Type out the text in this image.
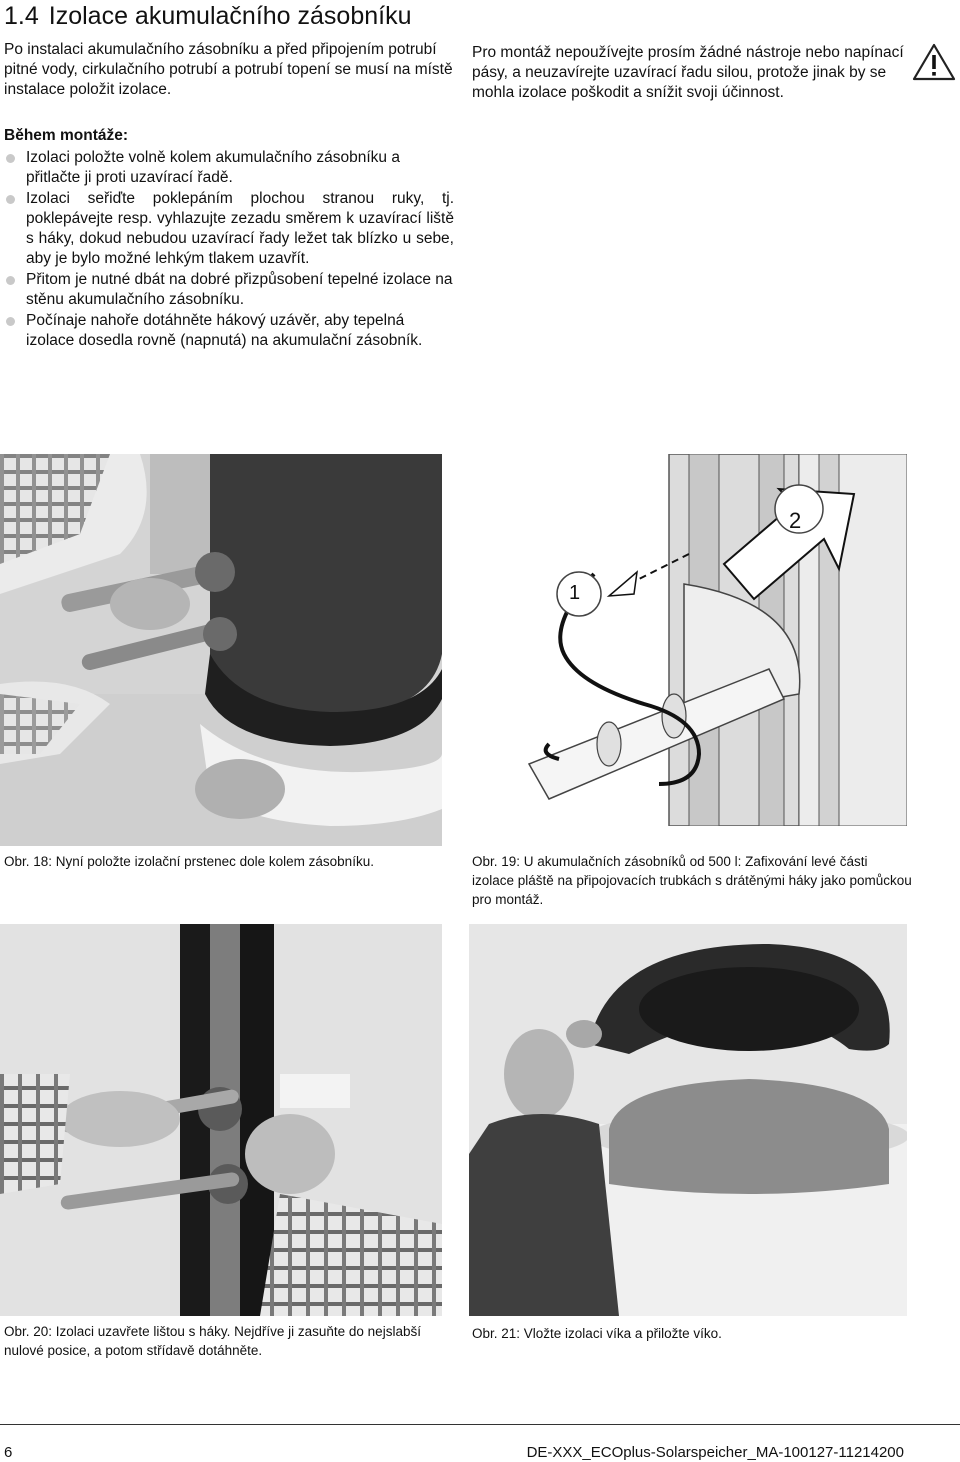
1.4 Izolace akumulačního zásobníku

Po instalaci akumulačního zásobníku a před připojením potrubí pitné vody, cirkulačního potrubí a potrubí topení se musí na místě instalace položit izolace.

Pro montáž nepoužívejte prosím žádné nástroje nebo napínací pásy, a neuzavírejte uzavírací řadu silou, protože jinak by se mohla izolace poškodit a snížit svoji účinnost.

Během montáže:
Izolaci položte volně kolem akumulačního zásobníku a přitlačte ji proti uzavírací řadě.
Izolaci seřiďte poklepáním plochou stranou ruky, tj. poklepávejte resp. vyhlazujte zezadu směrem k uzavírací liště s háky, dokud nebudou uzavírací řady ležet tak blízko u sebe, aby je bylo možné lehkým tlakem uzavřít.
Přitom je nutné dbát na dobré přizpůsobení tepelné izolace na stěnu akumulačního zásobníku.
Počínaje nahoře dotáhněte hákový uzávěr, aby tepelná izolace dosedla rovně (napnutá) na akumulační zásobník.
1
2

Obr. 18: Nyní položte izolační prstenec dole kolem zásobníku.	Obr. 19: U akumulačních zásobníků od 500 l: Zafixování levé části izolace pláště na připojovacích trubkách s drátěnými háky jako pomůckou pro montáž.

Obr. 20: Izolaci uzavřete lištou s háky. Nejdříve ji zasuňte do nejslabší nulové posice, a potom střídavě dotáhněte.

Obr. 21: Vložte izolaci víka a přiložte víko.

6	DE-XXX_ECOplus-Solarspeicher_MA-100127-11214200
